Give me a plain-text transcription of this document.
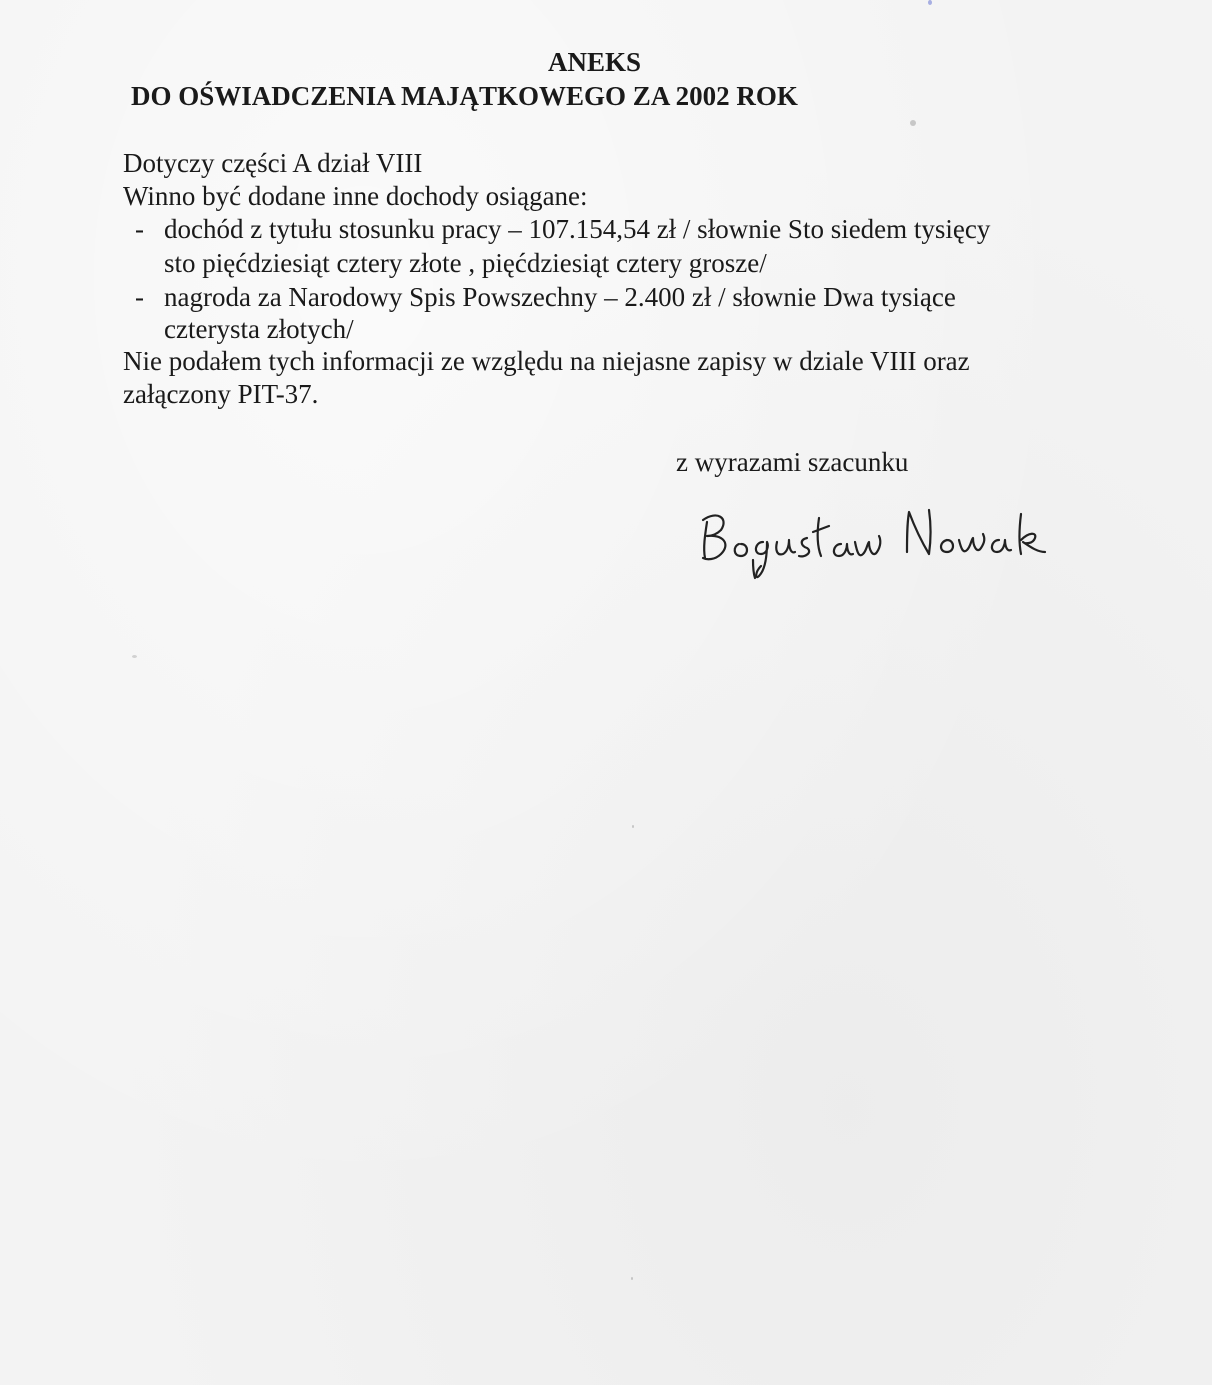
ANEKS
DO OŚWIADCZENIA MAJĄTKOWEGO ZA 2002 ROK
Dotyczy części A dział VIII
Winno być dodane inne dochody osiągane:
- dochód z tytułu stosunku pracy – 107.154,54 zł / słownie Sto siedem tysięcy
sto pięćdziesiąt cztery złote , pięćdziesiąt cztery grosze/
- nagroda za Narodowy Spis Powszechny – 2.400 zł / słownie Dwa tysiące
czterysta złotych/
Nie podałem tych informacji ze względu na niejasne zapisy w dziale VIII oraz
załączony PIT-37.
z wyrazami szacunku
